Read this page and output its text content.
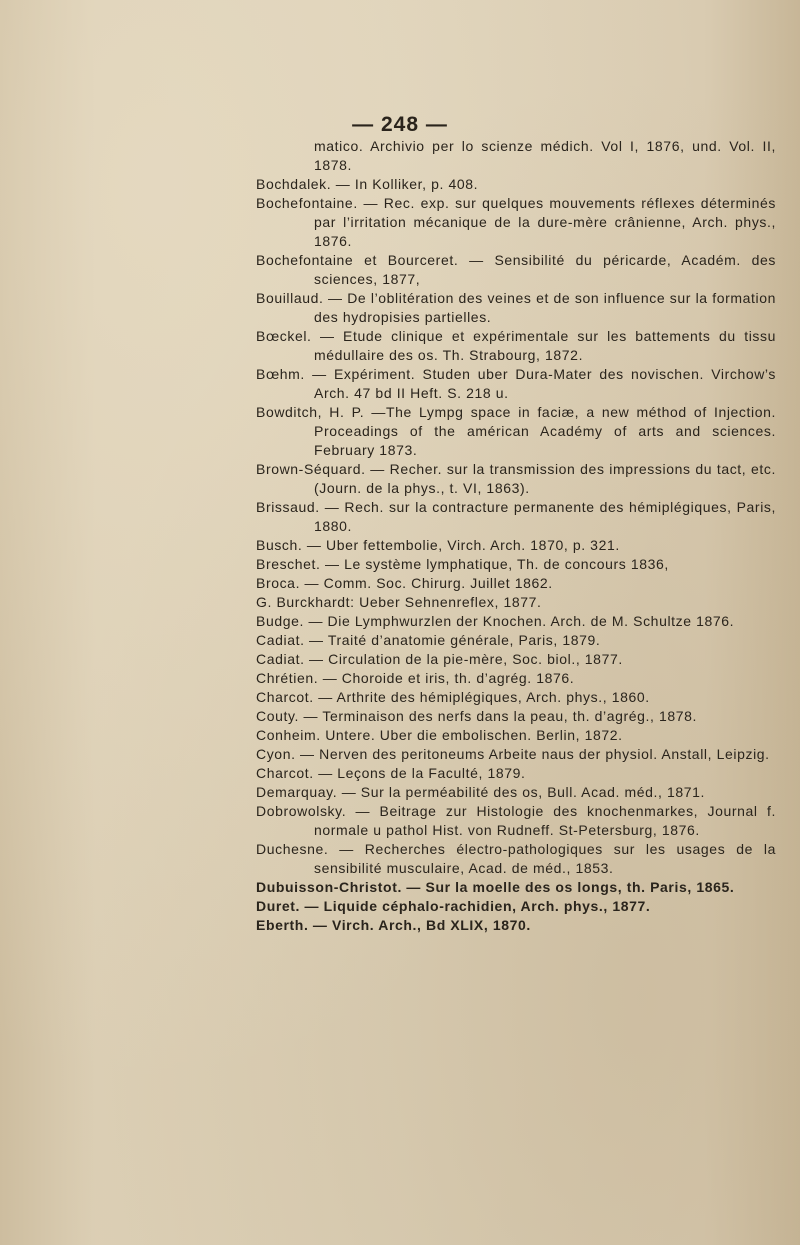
— 248 —

matico. Archivio per lo scienze médich. Vol I, 1876, und. Vol. II, 1878.

Bochdalek. — In Kolliker, p. 408.

Bochefontaine. — Rec. exp. sur quelques mouvements réflexes déterminés par l’irritation mécanique de la dure-mère crânienne, Arch. phys., 1876.

Bochefontaine et Bourceret. — Sensibilité du péricarde, Académ. des sciences, 1877,

Bouillaud. — De l’oblitération des veines et de son influence sur la formation des hydropisies partielles.

Bœckel. — Etude clinique et expérimentale sur les battements du tissu médullaire des os. Th. Strabourg, 1872.

Bœhm. — Expériment. Studen uber Dura-Mater des novischen. Virchow’s Arch. 47 bd II Heft. S. 218 u.

Bowditch, H. P. —The Lympg space in faciæ, a new méthod of Injection. Proceadings of the américan Académy of arts and sciences. February 1873.

Brown-Séquard. — Recher. sur la transmission des impressions du tact, etc. (Journ. de la phys., t. VI, 1863).

Brissaud. — Rech. sur la contracture permanente des hémiplégiques, Paris, 1880.

Busch. — Uber fettembolie, Virch. Arch. 1870, p. 321.

Breschet. — Le système lymphatique, Th. de concours 1836,

Broca. — Comm. Soc. Chirurg. Juillet 1862.

G. Burckhardt: Ueber Sehnenreflex, 1877.

Budge. — Die Lymphwurzlen der Knochen. Arch. de M. Schultze 1876.

Cadiat. — Traité d’anatomie générale, Paris, 1879.

Cadiat. — Circulation de la pie-mère, Soc. biol., 1877.

Chrétien. — Choroide et iris, th. d’agrég. 1876.

Charcot. — Arthrite des hémiplégiques, Arch. phys., 1860.

Couty. — Terminaison des nerfs dans la peau, th. d’agrég., 1878.

Conheim. Untere. Uber die embolischen. Berlin, 1872.

Cyon. — Nerven des peritoneums Arbeite naus der physiol. Anstall, Leipzig.

Charcot. — Leçons de la Faculté, 1879.

Demarquay. — Sur la perméabilité des os, Bull. Acad. méd., 1871.

Dobrowolsky. — Beitrage zur Histologie des knochenmarkes, Journal f. normale u pathol Hist. von Rudneff. St-Petersburg, 1876.

Duchesne. — Recherches électro-pathologiques sur les usages de la sensibilité musculaire, Acad. de méd., 1853.

Dubuisson-Christot. — Sur la moelle des os longs, th. Paris, 1865.

Duret. — Liquide céphalo-rachidien, Arch. phys., 1877.

Eberth. — Virch. Arch., Bd XLIX, 1870.
